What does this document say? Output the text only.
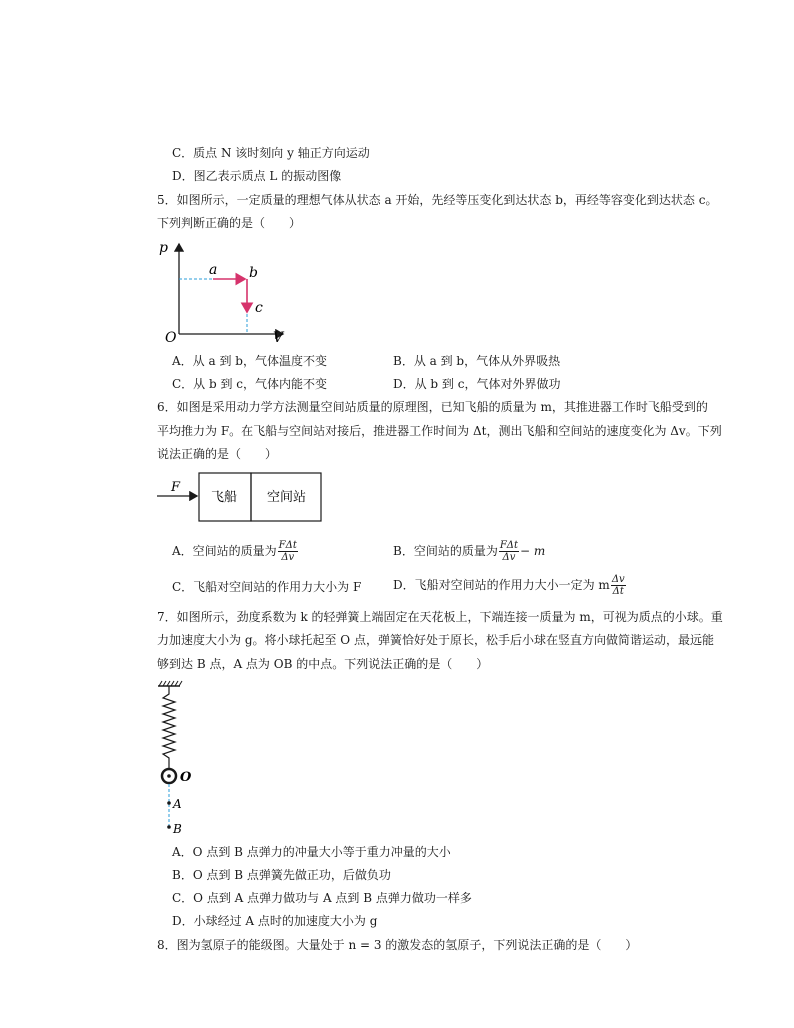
C．质点 N 该时刻向 y 轴正方向运动
D．图乙表示质点 L 的振动图像
5．如图所示，一定质量的理想气体从状态 a 开始，先经等压变化到达状态 b，再经等容变化到达状态 c。
下列判断正确的是（　　）
p
O	V
a b
c
A．从 a 到 b，气体温度不变	B．从 a 到 b，气体从外界吸热
C．从 b 到 c，气体内能不变	D．从 b 到 c，气体对外界做功
6．如图是采用动力学方法测量空间站质量的原理图，已知飞船的质量为 m，其推进器工作时飞船受到的
平均推力为 F。在飞船与空间站对接后，推进器工作时间为 Δt，测出飞船和空间站的速度变化为 Δv。下列
说法正确的是（　　）
F
飞船 空间站
A．空间站的质量为 $\frac{\text{FΔt}}{\Delta v}$	B．空间站的质量为 $\frac{\text{FΔt}}{\Delta v} - m$
C．飞船对空间站的作用力大小为 F	D．飞船对空间站的作用力大小一定为 m $\frac{\Delta v}{\Delta t}$
7．如图所示，劲度系数为 k 的轻弹簧上端固定在天花板上，下端连接一质量为 m，可视为质点的小球。重
力加速度大小为 g。将小球托起至 O 点，弹簧恰好处于原长，松手后小球在竖直方向做简谐运动，最远能
够到达 B 点，A 点为 OB 的中点。下列说法正确的是（　　）
O
A
B
A．O 点到 B 点弹力的冲量大小等于重力冲量的大小
B．O 点到 B 点弹簧先做正功，后做负功
C．O 点到 A 点弹力做功与 A 点到 B 点弹力做功一样多
D．小球经过 A 点时的加速度大小为 g
8．图为氢原子的能级图。大量处于 n = 3 的激发态的氢原子，下列说法正确的是（　　）
